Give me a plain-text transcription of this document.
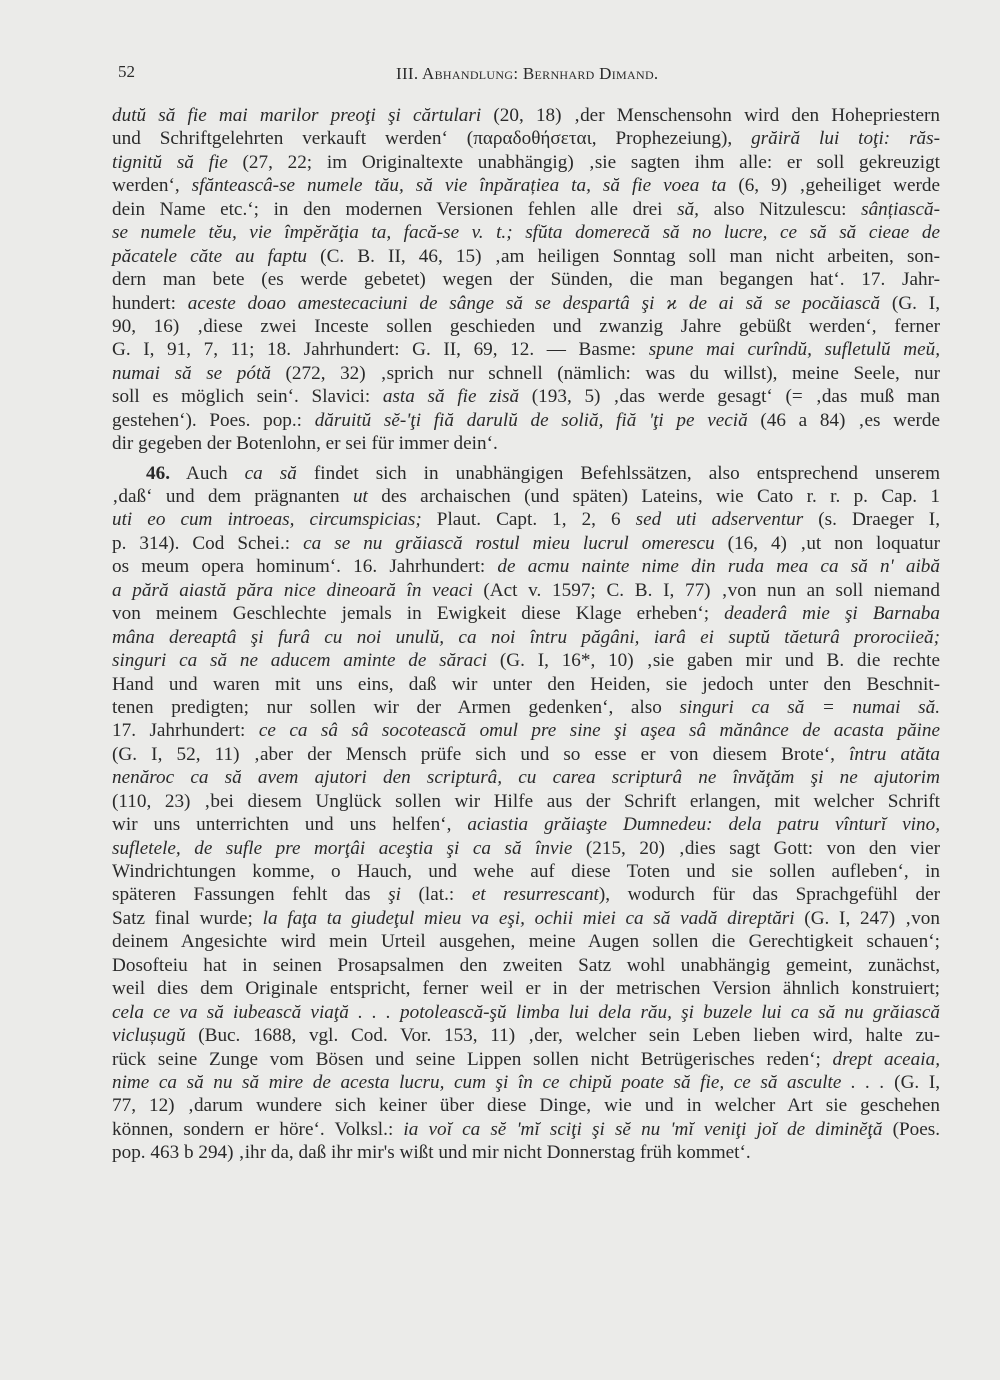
52	III. Abhandlung: Bernhard Dimand.
dutŭ să fie mai marilor preoţi şi cărtulari (20, 18) ‚der Menschensohn wird den Hohepriestern
und Schriftgelehrten verkauft werden‘ (παραδοθήσεται, Prophezeiung), grăiră lui toţi: răs-
tignitŭ să fie (27, 22; im Originaltexte unabhängig) ‚sie sagten ihm alle: er soll gekreuzigt
werden‘, sfănteascâ-se numele tău, să vie înpărațiea ta, să fie voea ta (6, 9) ‚geheiliget werde
dein Name etc.‘; in den modernen Versionen fehlen alle drei să, also Nitzulescu: sânțiască-
se numele tĕu, vie împĕrăţia ta, facă-se v. t.; sfŭta domerecă să no lucre, ce să să cieae de
păcatele căte au faptu (C. B. II, 46, 15) ‚am heiligen Sonntag soll man nicht arbeiten, son-
dern man bete (es werde gebetet) wegen der Sünden, die man begangen hat‘. 17. Jahr-
hundert: aceste doao amestecaciuni de sânge să se despartâ şi ϰ de ai să se pocăiască (G. I,
90, 16) ‚diese zwei Inceste sollen geschieden und zwanzig Jahre gebüßt werden‘, ferner
G. I, 91, 7, 11; 18. Jahrhundert: G. II, 69, 12. — Basme: spune mai curîndŭ, sufletulŭ meŭ,
numai să se pótă (272, 32) ‚sprich nur schnell (nämlich: was du willst), meine Seele, nur
soll es möglich sein‘. Slavici: asta să fie zisă (193, 5) ‚das werde gesagt‘ (= ‚das muß man
gestehen‘). Poes. pop.: dăruitŭ sĕ-'ţi fiă darulŭ de soliă, fiă 'ţi pe veciă (46 a 84) ‚es werde
dir gegeben der Botenlohn, er sei für immer dein‘.
46. Auch ca să findet sich in unabhängigen Befehlssätzen, also entsprechend unserem
‚daß‘ und dem prägnanten ut des archaischen (und späten) Lateins, wie Cato r. r. p. Cap. 1
uti eo cum introeas, circumspicias; Plaut. Capt. 1, 2, 6 sed uti adserventur (s. Draeger I,
p. 314). Cod Schei.: ca se nu grăiască rostul mieu lucrul omerescu (16, 4) ‚ut non loquatur
os meum opera hominum‘. 16. Jahrhundert: de acmu nainte nime din ruda mea ca să n' aibă
a pără aiastă păra nice dineoară în veaci (Act v. 1597; C. B. I, 77) ‚von nun an soll niemand
von meinem Geschlechte jemals in Ewigkeit diese Klage erheben‘; deaderâ mie şi Barnaba
mâna dereaptâ şi furâ cu noi unulŭ, ca noi întru păgâni, iarâ ei suptŭ tăeturâ prorociieă;
singuri ca să ne aducem aminte de săraci (G. I, 16*, 10) ‚sie gaben mir und B. die rechte
Hand und waren mit uns eins, daß wir unter den Heiden, sie jedoch unter den Beschnit-
tenen predigten; nur sollen wir der Armen gedenken‘, also singuri ca să = numai să.
17. Jahrhundert: ce ca sâ sâ socotească omul pre sine şi aşea sâ mănânce de acasta păine
(G. I, 52, 11) ‚aber der Mensch prüfe sich und so esse er von diesem Brote‘, întru atăta
nenăroc ca să avem ajutori den scripturâ, cu carea scripturâ ne învăţăm şi ne ajutorim
(110, 23) ‚bei diesem Unglück sollen wir Hilfe aus der Schrift erlangen, mit welcher Schrift
wir uns unterrichten und uns helfen‘, aciastia grăiaşte Dumnedeu: dela patru vînturĭ vino,
sufletele, de sufle pre morţâi aceştia şi ca să învie (215, 20) ‚dies sagt Gott: von den vier
Windrichtungen komme, o Hauch, und wehe auf diese Toten und sie sollen aufleben‘, in
späteren Fassungen fehlt das şi (lat.: et resurrescant), wodurch für das Sprachgefühl der
Satz final wurde; la faţa ta giudeţul mieu va eşi, ochii miei ca să vadă direptări (G. I, 247) ‚von
deinem Angesichte wird mein Urteil ausgehen, meine Augen sollen die Gerechtigkeit schauen‘;
Dosofteiu hat in seinen Prosapsalmen den zweiten Satz wohl unabhängig gemeint, zunächst,
weil dies dem Originale entspricht, ferner weil er in der metrischen Version ähnlich konstruiert;
cela ce va să iubească viaţă . . . potolească-şŭ limba lui dela rău, şi buzele lui ca să nu grăiască
viclușugŭ (Buc. 1688, vgl. Cod. Vor. 153, 11) ‚der, welcher sein Leben lieben wird, halte zu-
rück seine Zunge vom Bösen und seine Lippen sollen nicht Betrügerisches reden‘; drept aceaia,
nime ca să nu să mire de acesta lucru, cum şi în ce chipŭ poate să fie, ce să asculte . . . (G. I,
77, 12) ‚darum wundere sich keiner über diese Dinge, wie und in welcher Art sie geschehen
können, sondern er höre‘. Volksl.: ia voĭ ca sĕ 'mĭ sciţi şi sĕ nu 'mĭ veniţi joĭ de diminĕţă (Poes.
pop. 463 b 294) ‚ihr da, daß ihr mir's wißt und mir nicht Donnerstag früh kommet‘.
